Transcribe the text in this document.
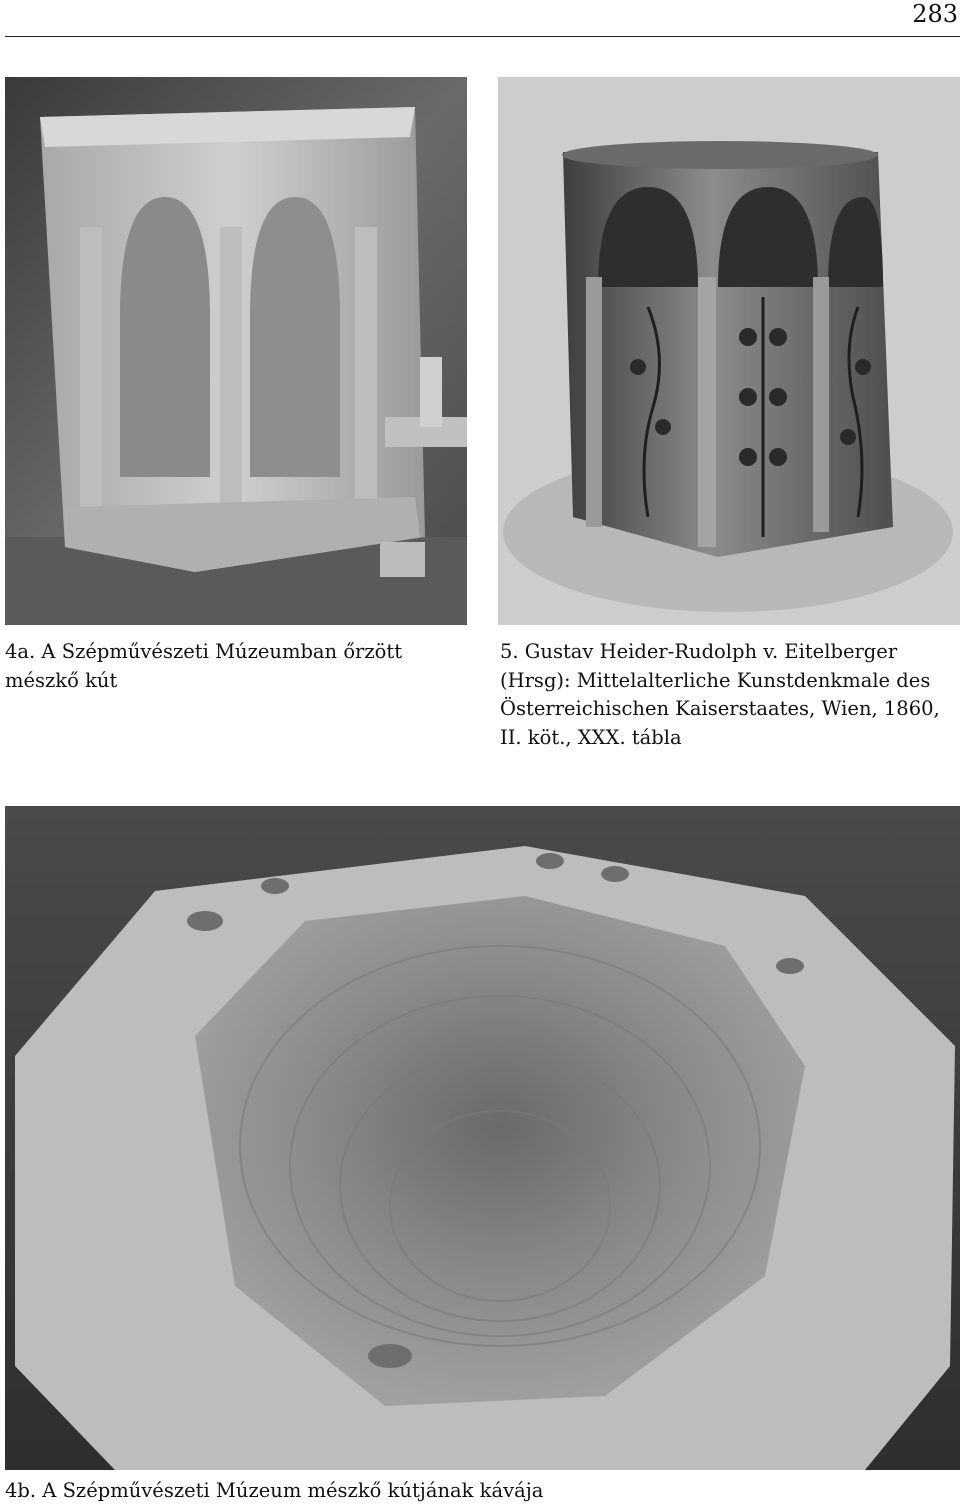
283
4a. A Szépművészeti Múzeumban őrzött
mészkő kút
5. Gustav Heider-Rudolph v. Eitelberger
(Hrsg): Mittelalterliche Kunstdenkmale des
Österreichischen Kaiserstaates, Wien, 1860,
II. köt., XXX. tábla
4b. A Szépművészeti Múzeum mészkő kútjának kávája
